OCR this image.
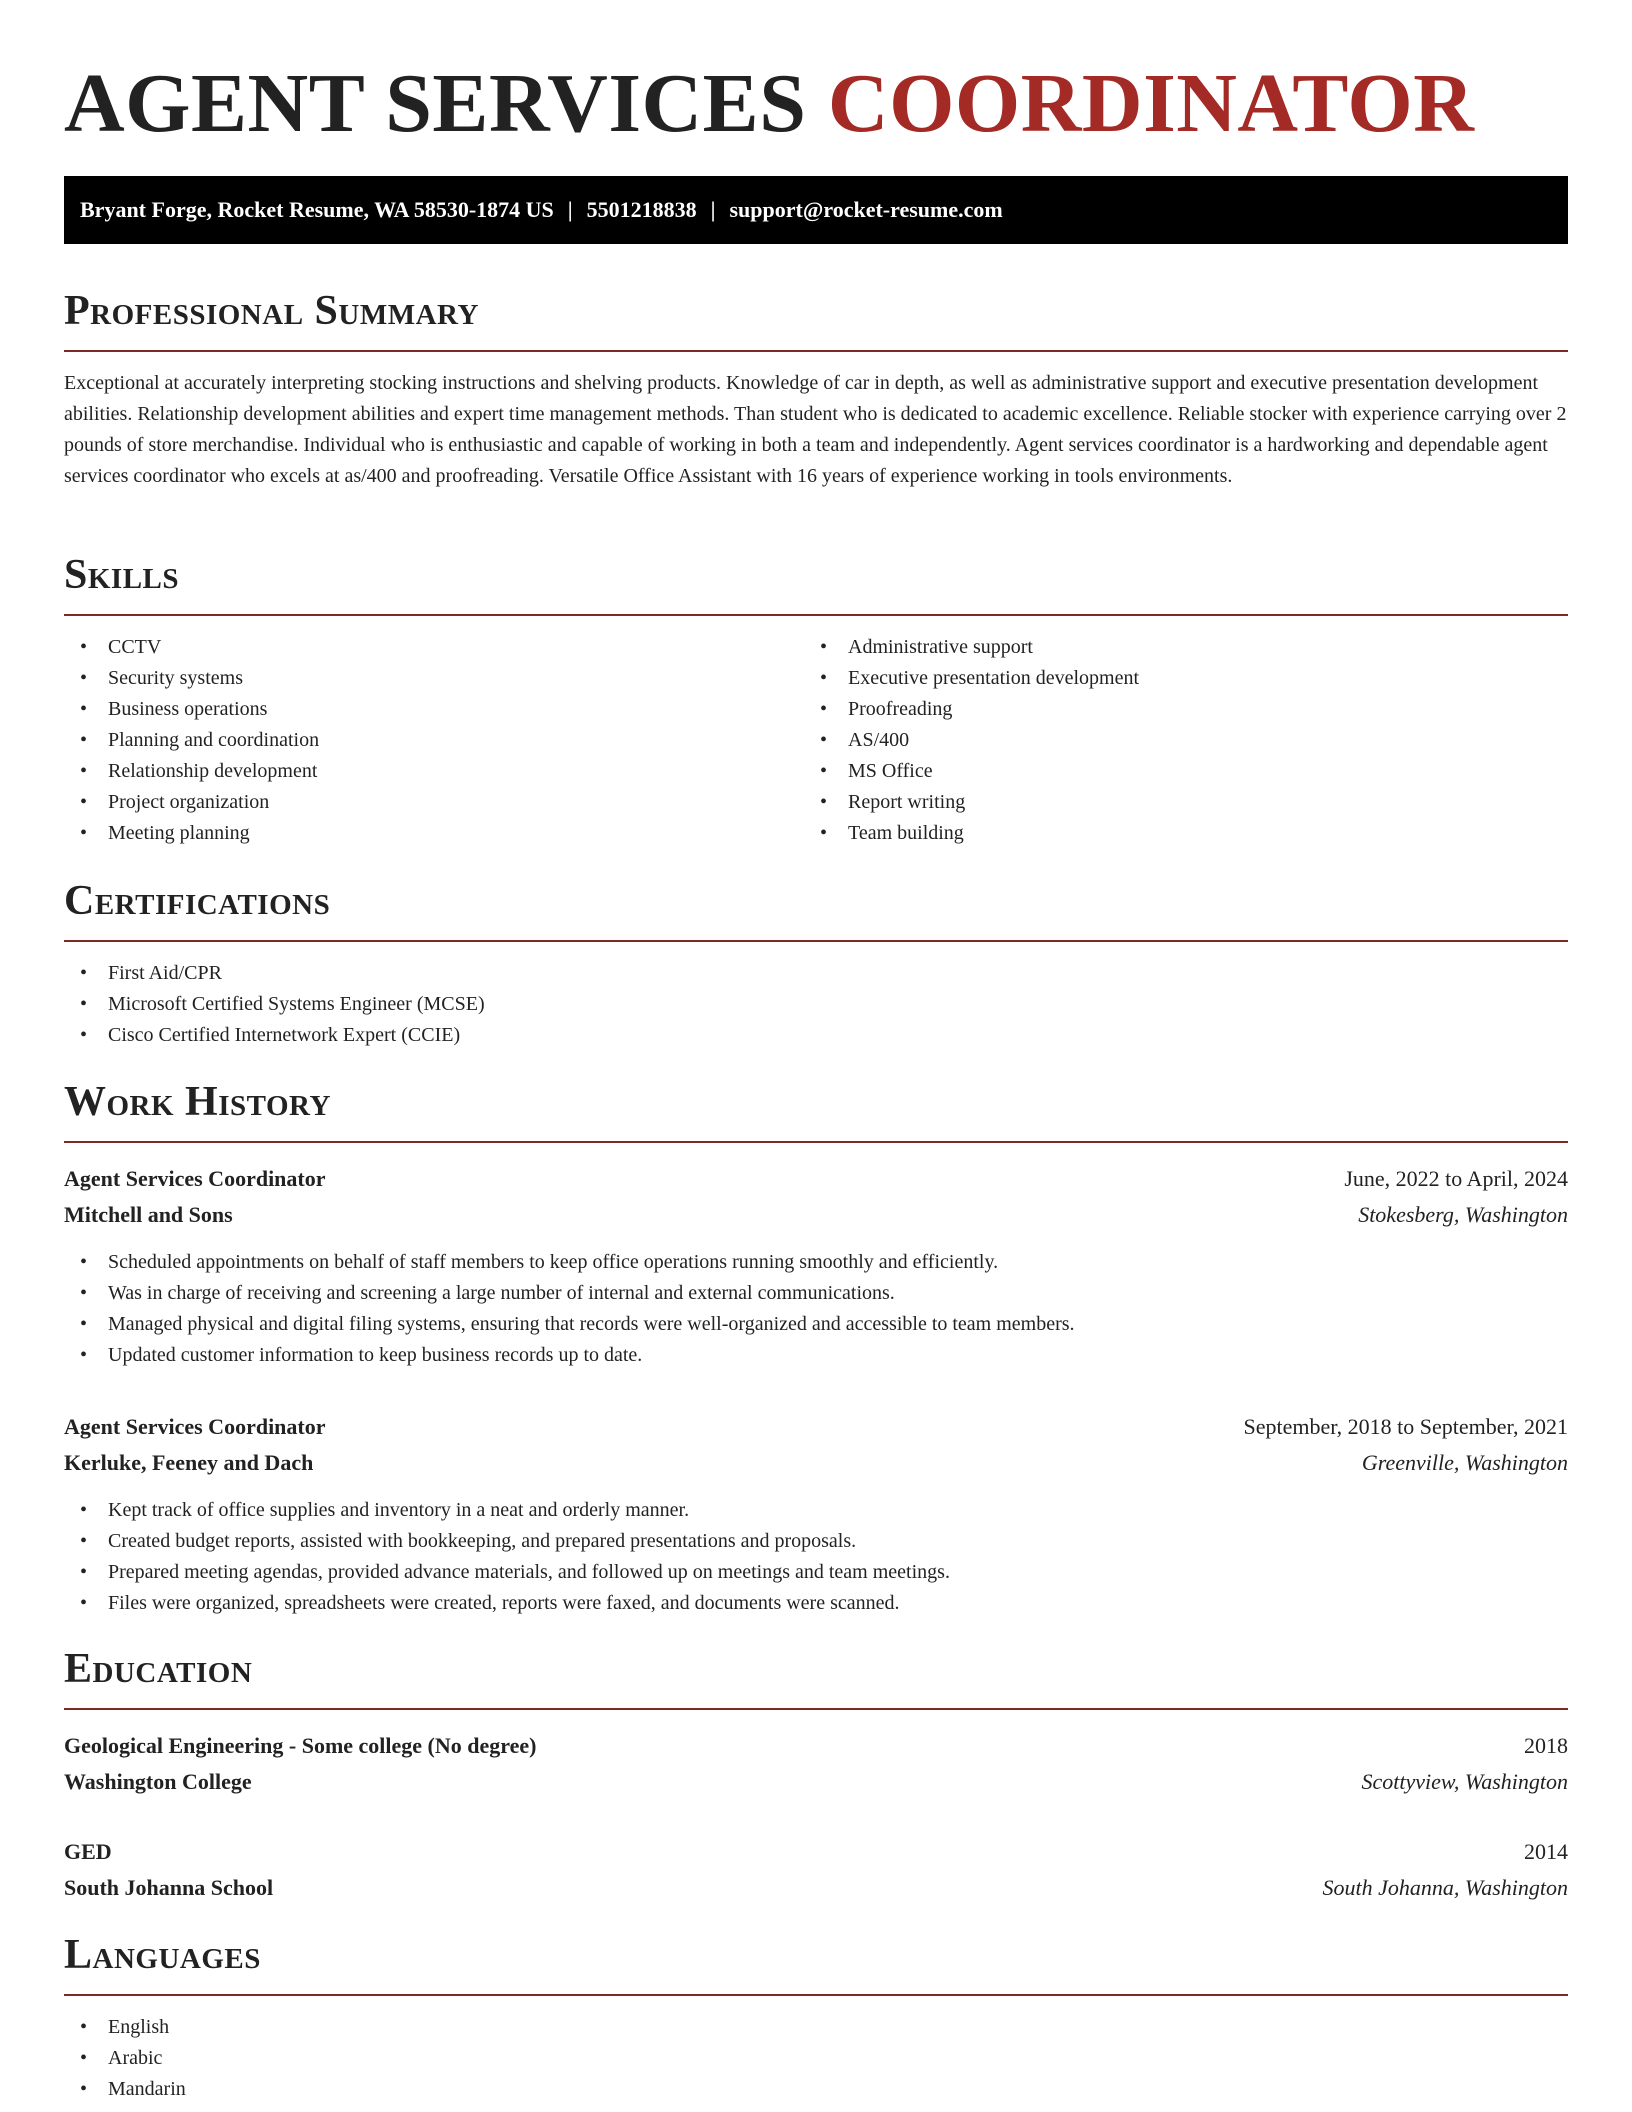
AGENT SERVICES COORDINATOR
Bryant Forge, Rocket Resume, WA 58530-1874 US | 5501218838 | support@rocket-resume.com
Professional Summary

Exceptional at accurately interpreting stocking instructions and shelving products. Knowledge of car in depth, as well as administrative support and executive presentation development abilities. Relationship development abilities and expert time management methods. Than student who is dedicated to academic excellence. Reliable stocker with experience carrying over 2 pounds of store merchandise. Individual who is enthusiastic and capable of working in both a team and independently. Agent services coordinator is a hardworking and dependable agent services coordinator who excels at as/400 and proofreading. Versatile Office Assistant with 16 years of experience working in tools environments.

Skills
• CCTV
• Security systems
• Business operations
• Planning and coordination
• Relationship development
• Project organization
• Meeting planning
• Administrative support
• Executive presentation development
• Proofreading
• AS/400
• MS Office
• Report writing
• Team building
Certifications
• First Aid/CPR
• Microsoft Certified Systems Engineer (MCSE)
• Cisco Certified Internetwork Expert (CCIE)
Work History
Agent Services Coordinator	June, 2022 to April, 2024
Mitchell and Sons	Stokesberg, Washington
• Scheduled appointments on behalf of staff members to keep office operations running smoothly and efficiently.
• Was in charge of receiving and screening a large number of internal and external communications.
• Managed physical and digital filing systems, ensuring that records were well-organized and accessible to team members.
• Updated customer information to keep business records up to date.
Agent Services Coordinator	September, 2018 to September, 2021
Kerluke, Feeney and Dach	Greenville, Washington
• Kept track of office supplies and inventory in a neat and orderly manner.
• Created budget reports, assisted with bookkeeping, and prepared presentations and proposals.
• Prepared meeting agendas, provided advance materials, and followed up on meetings and team meetings.
• Files were organized, spreadsheets were created, reports were faxed, and documents were scanned.
Education
Geological Engineering - Some college (No degree)	2018
Washington College	Scottyview, Washington
GED	2014
South Johanna School	South Johanna, Washington
Languages
• English
• Arabic
• Mandarin
